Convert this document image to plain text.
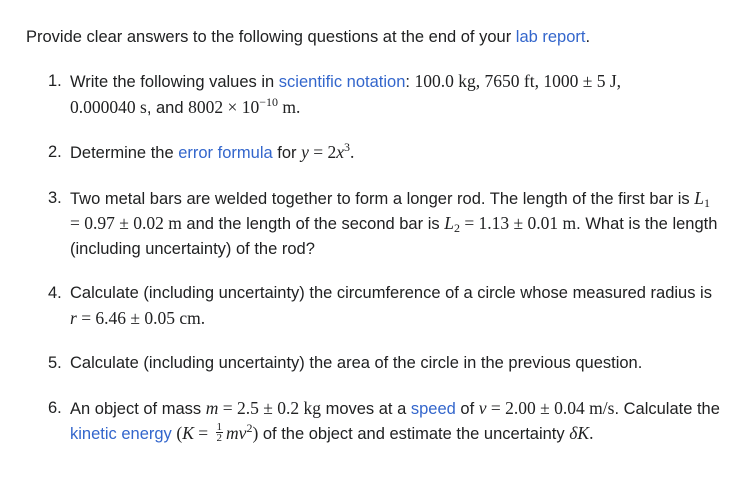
Provide clear answers to the following questions at the end of your lab report.
1. Write the following values in scientific notation: 100.0 kg, 7650 ft, 1000 ± 5 J,
0.000040 s, and $8002 \times 10^{-10}$ m.
2. Determine the error formula for $y = 2x^3$.
3. Two metal bars are welded together to form a longer rod. The length of the first bar is $L_1 = 0.97 \pm 0.02$ m and the length of the second bar is $L_2 = 1.13 \pm 0.01$ m. What is the length (including uncertainty) of the rod?
4. Calculate (including uncertainty) the circumference of a circle whose measured radius is r = 6.46 ± 0.05 cm.
5. Calculate (including uncertainty) the area of the circle in the previous question.
6. An object of mass m = 2.5 ± 0.2 kg moves at a speed of v = 2.00 ± 0.04 m/s. Calculate the kinetic energy $(K = \frac{1}{2} mv^2)$ of the object and estimate the uncertainty δK.
